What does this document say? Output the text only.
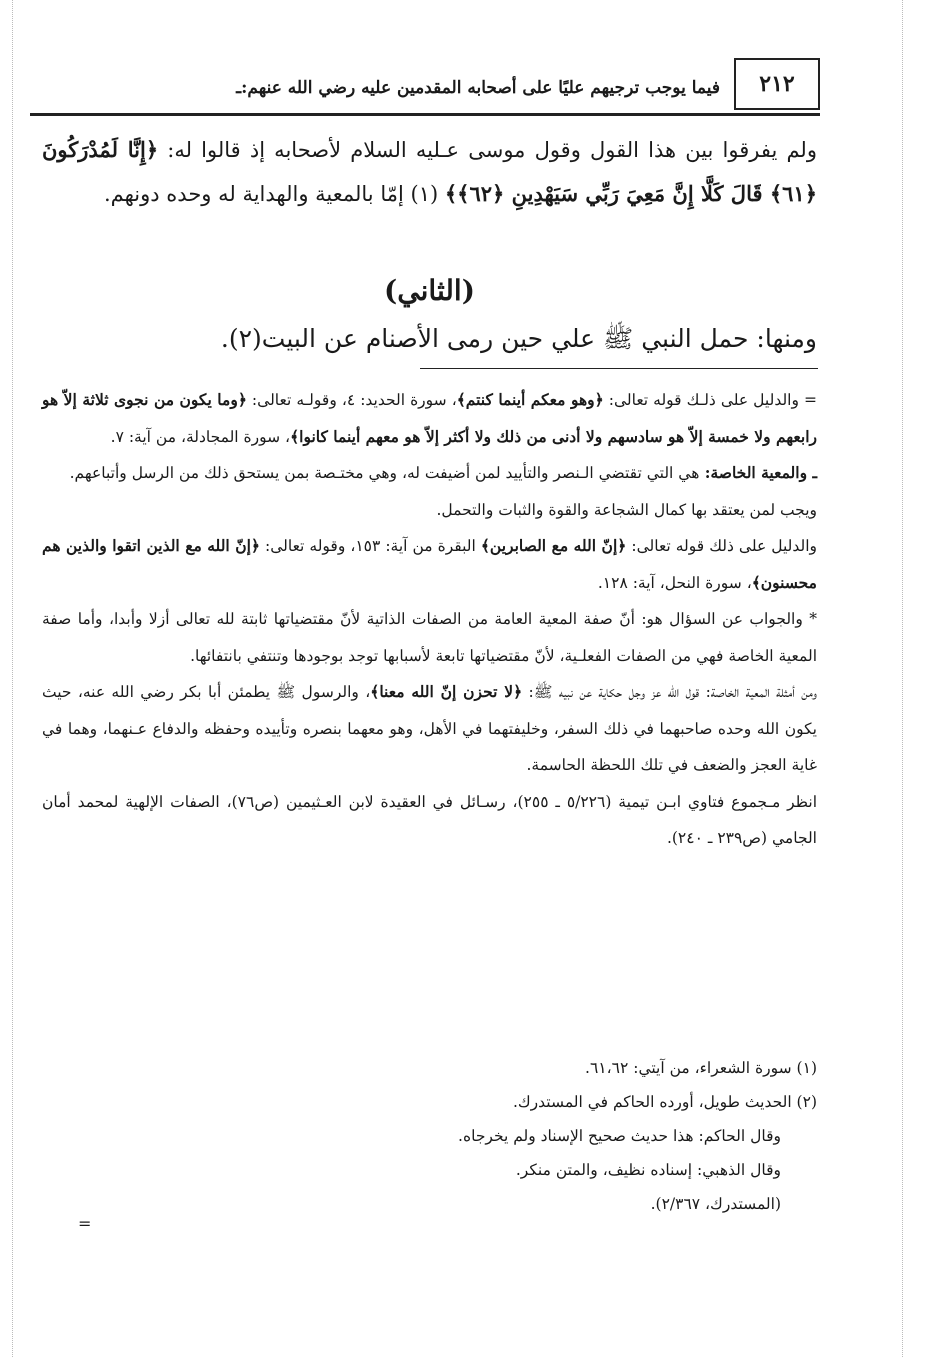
٢١٢
فيما يوجب ترجيهم عليًا على أصحابه المقدمين عليه رضي الله عنهم:ـ

ولم يفرقوا بين هذا القول وقول موسى عـليه السلام لأصحابه إذ قالوا له: ﴿إِنَّا لَمُدْرَكُونَ ﴿٦١﴾ قَالَ كَلَّا إِنَّ مَعِيَ رَبِّي سَيَهْدِينِ ﴿٦٢﴾﴾ (١) إمّا بالمعية والهداية له وحده دونهم.

(الثاني)
ومنها: حمل النبي ﷺ علي حين رمى الأصنام عن البيت(٢).

= والدليل على ذلـك قوله تعالى: ﴿وهو معكم أينما كنتم﴾، سورة الحديد: ٤، وقولـه تعالى: ﴿وما يكون من نجوى ثلاثة إلاّ هو رابعهم ولا خمسة إلاّ هو سادسهم ولا أدنى من ذلك ولا أكثر إلاّ هو معهم أينما كانوا﴾، سورة المجادلة، من آية: ٧.

ـ والمعية الخاصة: هي التي تقتضي الـنصر والتأييد لمن أضيفت له، وهي مختـصة بمن يستحق ذلك من الرسل وأتباعهم.

ويجب لمن يعتقد بها كمال الشجاعة والقوة والثبات والتحمل.

والدليل على ذلك قوله تعالى: ﴿إنّ الله مع الصابرين﴾ البقرة من آية: ١٥٣، وقوله تعالى: ﴿إنّ الله مع الذين اتقوا والذين هم محسنون﴾، سورة النحل، آية: ١٢٨.

* والجواب عن السؤال هو: أنّ صفة المعية العامة من الصفات الذاتية لأنّ مقتضياتها ثابتة لله تعالى أزلا وأبدا، وأما صفة المعية الخاصة فهي من الصفات الفعلـية، لأنّ مقتضياتها تابعة لأسبابها توجد بوجودها وتنتفي بانتفائها.

ومن أمثلة المعية الخاصة: قول الله عز وجل حكاية عن نبيه ﷺ: ﴿لا تحزن إنّ الله معنا﴾، والرسول ﷺ يطمئن أبا بكر رضي الله عنه، حيث يكون الله وحده صاحبهما في ذلك السفر، وخليفتهما في الأهل، وهو معهما بنصره وتأييده وحفظه والدفاع عـنهما، وهما في غاية العجز والضعف في تلك اللحظة الحاسمة.

انظر مـجموع فتاوي ابـن تيمية (٥/٢٢٦ ـ ٢٥٥)، رسـائل في العقيدة لابن العـثيمين (ص٧٦)، الصفات الإلهية لمحمد أمان الجامي (ص٢٣٩ ـ ٢٤٠).

(١) سورة الشعراء، من آيتي: ٦١،٦٢.

(٢) الحديث طويل، أورده الحاكم في المستدرك.

وقال الحاكم: هذا حديث صحيح الإسناد ولم يخرجاه.

وقال الذهبي: إسناده نظيف، والمتن منكر.

(المستدرك، ٢/٣٦٧).

=
